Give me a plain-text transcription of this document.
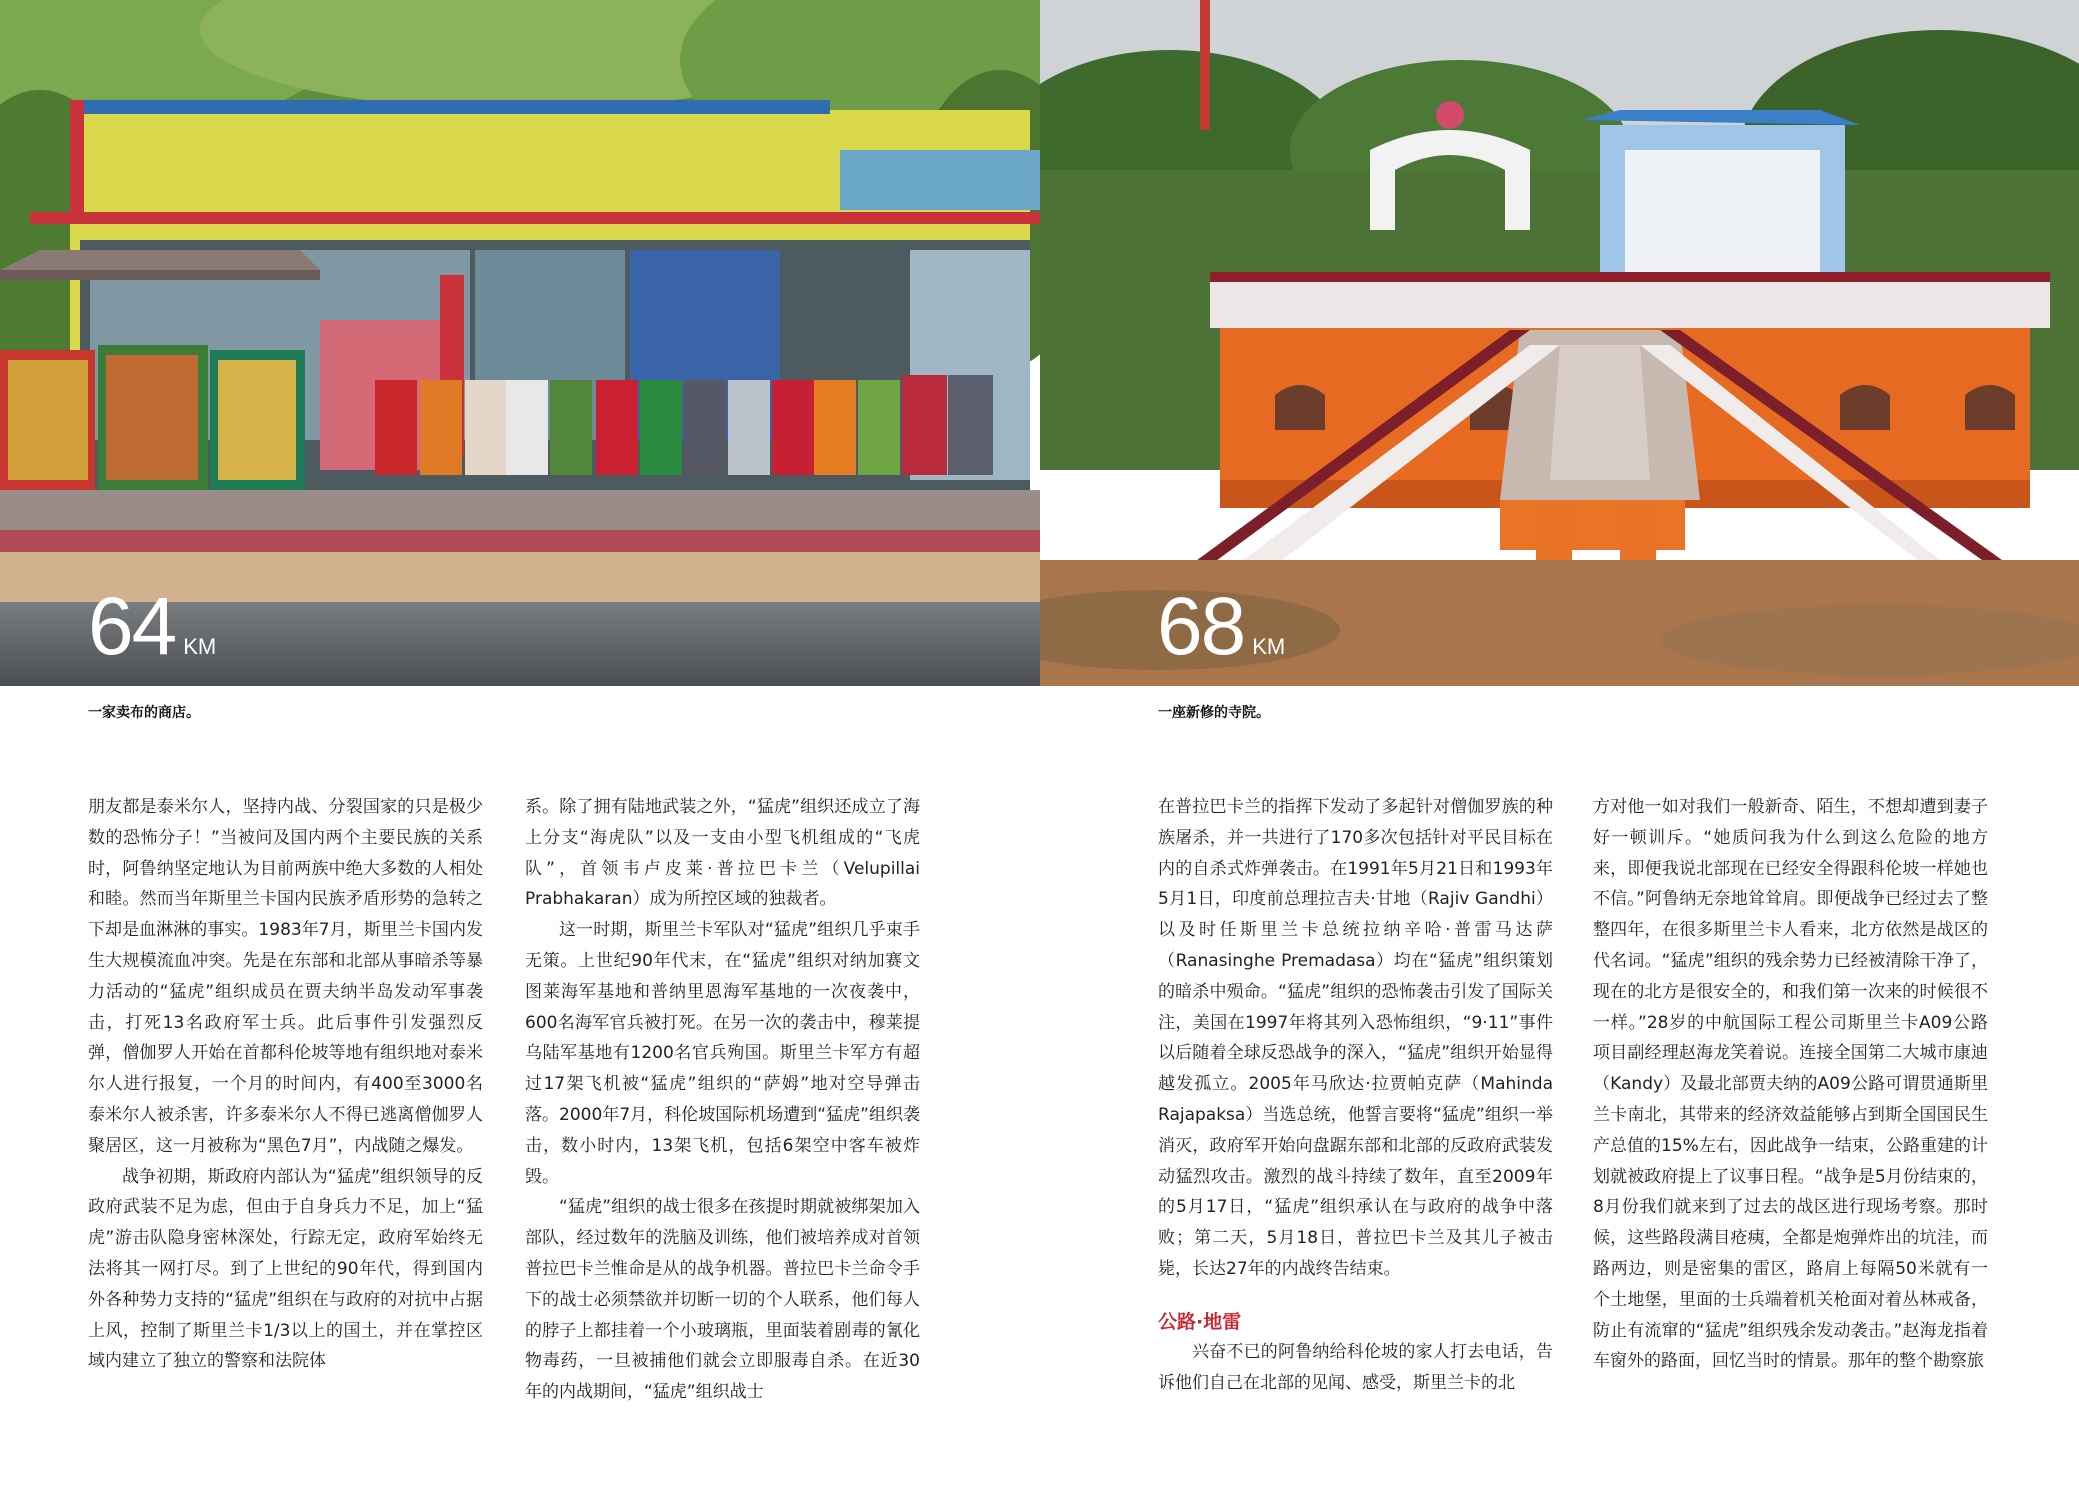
64 KM	68 KM
一家卖布的商店。	一座新修的寺院。

朋友都是泰米尔人，坚持内战、分裂国家的只是极少数的恐怖分子！”当被问及国内两个主要民族的关系时，阿鲁纳坚定地认为目前两族中绝大多数的人相处和睦。然而当年斯里兰卡国内民族矛盾形势的急转之下却是血淋淋的事实。1983年7月，斯里兰卡国内发生大规模流血冲突。先是在东部和北部从事暗杀等暴力活动的“猛虎”组织成员在贾夫纳半岛发动军事袭击，打死13名政府军士兵。此后事件引发强烈反弹，僧伽罗人开始在首都科伦坡等地有组织地对泰米尔人进行报复，一个月的时间内，有400至3000名泰米尔人被杀害，许多泰米尔人不得已逃离僧伽罗人聚居区，这一月被称为“黑色7月”，内战随之爆发。

战争初期，斯政府内部认为“猛虎”组织领导的反政府武装不足为虑，但由于自身兵力不足，加上“猛虎”游击队隐身密林深处，行踪无定，政府军始终无法将其一网打尽。到了上世纪的90年代，得到国内外各种势力支持的“猛虎”组织在与政府的对抗中占据上风，控制了斯里兰卡1/3以上的国土，并在掌控区域内建立了独立的警察和法院体

系。除了拥有陆地武装之外，“猛虎”组织还成立了海上分支“海虎队”以及一支由小型飞机组成的“飞虎队”，首领韦卢皮莱·普拉巴卡兰（Velupillai Prabhakaran）成为所控区域的独裁者。

这一时期，斯里兰卡军队对“猛虎”组织几乎束手无策。上世纪90年代末，在“猛虎”组织对纳加赛文图莱海军基地和普纳里恩海军基地的一次夜袭中，600名海军官兵被打死。在另一次的袭击中，穆莱提乌陆军基地有1200名官兵殉国。斯里兰卡军方有超过17架飞机被“猛虎”组织的“萨姆”地对空导弹击落。2000年7月，科伦坡国际机场遭到“猛虎”组织袭击，数小时内，13架飞机，包括6架空中客车被炸毁。

“猛虎”组织的战士很多在孩提时期就被绑架加入部队，经过数年的洗脑及训练，他们被培养成对首领普拉巴卡兰惟命是从的战争机器。普拉巴卡兰命令手下的战士必须禁欲并切断一切的个人联系，他们每人的脖子上都挂着一个小玻璃瓶，里面装着剧毒的氰化物毒药，一旦被捕他们就会立即服毒自杀。在近30年的内战期间，“猛虎”组织战士

在普拉巴卡兰的指挥下发动了多起针对僧伽罗族的种族屠杀，并一共进行了170多次包括针对平民目标在内的自杀式炸弹袭击。在1991年5月21日和1993年5月1日，印度前总理拉吉夫·甘地（Rajiv Gandhi）以及时任斯里兰卡总统拉纳辛哈·普雷马达萨（Ranasinghe Premadasa）均在“猛虎”组织策划的暗杀中殒命。“猛虎”组织的恐怖袭击引发了国际关注，美国在1997年将其列入恐怖组织，“9·11”事件以后随着全球反恐战争的深入，“猛虎”组织开始显得越发孤立。2005年马欣达·拉贾帕克萨（Mahinda Rajapaksa）当选总统，他誓言要将“猛虎”组织一举消灭，政府军开始向盘踞东部和北部的反政府武装发动猛烈攻击。激烈的战斗持续了数年，直至2009年的5月17日，“猛虎”组织承认在与政府的战争中落败；第二天，5月18日，普拉巴卡兰及其儿子被击毙，长达27年的内战终告结束。

公路·地雷

兴奋不已的阿鲁纳给科伦坡的家人打去电话，告诉他们自己在北部的见闻、感受，斯里兰卡的北

方对他一如对我们一般新奇、陌生，不想却遭到妻子好一顿训斥。“她质问我为什么到这么危险的地方来，即便我说北部现在已经安全得跟科伦坡一样她也不信。”阿鲁纳无奈地耸耸肩。即便战争已经过去了整整四年，在很多斯里兰卡人看来，北方依然是战区的代名词。“猛虎”组织的残余势力已经被清除干净了，现在的北方是很安全的，和我们第一次来的时候很不一样。”28岁的中航国际工程公司斯里兰卡A09公路项目副经理赵海龙笑着说。连接全国第二大城市康迪（Kandy）及最北部贾夫纳的A09公路可谓贯通斯里兰卡南北，其带来的经济效益能够占到斯全国国民生产总值的15%左右，因此战争一结束，公路重建的计划就被政府提上了议事日程。“战争是5月份结束的，8月份我们就来到了过去的战区进行现场考察。那时候，这些路段满目疮痍，全都是炮弹炸出的坑洼，而路两边，则是密集的雷区，路肩上每隔50米就有一个土地堡，里面的士兵端着机关枪面对着丛林戒备，防止有流窜的“猛虎”组织残余发动袭击。”赵海龙指着车窗外的路面，回忆当时的情景。那年的整个勘察旅
